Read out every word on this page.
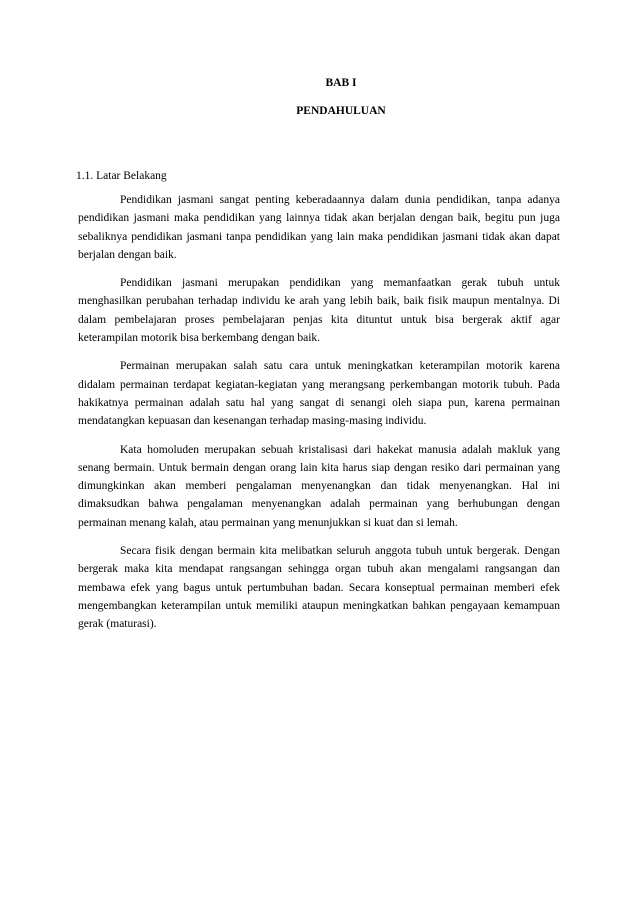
BAB I
PENDAHULUAN
1.1. Latar Belakang

Pendidikan jasmani sangat penting keberadaannya dalam dunia pendidikan, tanpa adanya pendidikan jasmani maka pendidikan yang lainnya tidak akan berjalan dengan baik, begitu pun juga sebaliknya pendidikan jasmani tanpa pendidikan yang lain maka pendidikan jasmani tidak akan dapat berjalan dengan baik.

Pendidikan jasmani merupakan pendidikan yang memanfaatkan gerak tubuh untuk menghasilkan perubahan terhadap individu ke arah yang lebih baik, baik fisik maupun mentalnya. Di dalam pembelajaran proses pembelajaran penjas kita dituntut untuk bisa bergerak aktif agar keterampilan motorik bisa berkembang dengan baik.

Permainan merupakan salah satu cara untuk meningkatkan keterampilan motorik karena didalam permainan terdapat kegiatan-kegiatan yang merangsang perkembangan motorik tubuh. Pada hakikatnya permainan adalah satu hal yang sangat di senangi oleh siapa pun, karena permainan mendatangkan kepuasan dan kesenangan terhadap masing-masing individu.

Kata homoluden merupakan sebuah kristalisasi dari hakekat manusia adalah makluk yang senang bermain. Untuk bermain dengan orang lain kita harus siap dengan resiko dari permainan yang dimungkinkan akan memberi pengalaman menyenangkan dan tidak menyenangkan. Hal ini dimaksudkan bahwa pengalaman menyenangkan adalah permainan yang berhubungan dengan permainan menang kalah, atau permainan yang menunjukkan si kuat dan si lemah.

Secara fisik dengan bermain kita melibatkan seluruh anggota tubuh untuk bergerak. Dengan bergerak maka kita mendapat rangsangan sehingga organ tubuh akan mengalami rangsangan dan membawa efek yang bagus untuk pertumbuhan badan. Secara konseptual permainan memberi efek mengembangkan keterampilan untuk memiliki ataupun meningkatkan bahkan pengayaan kemampuan gerak (maturasi).
